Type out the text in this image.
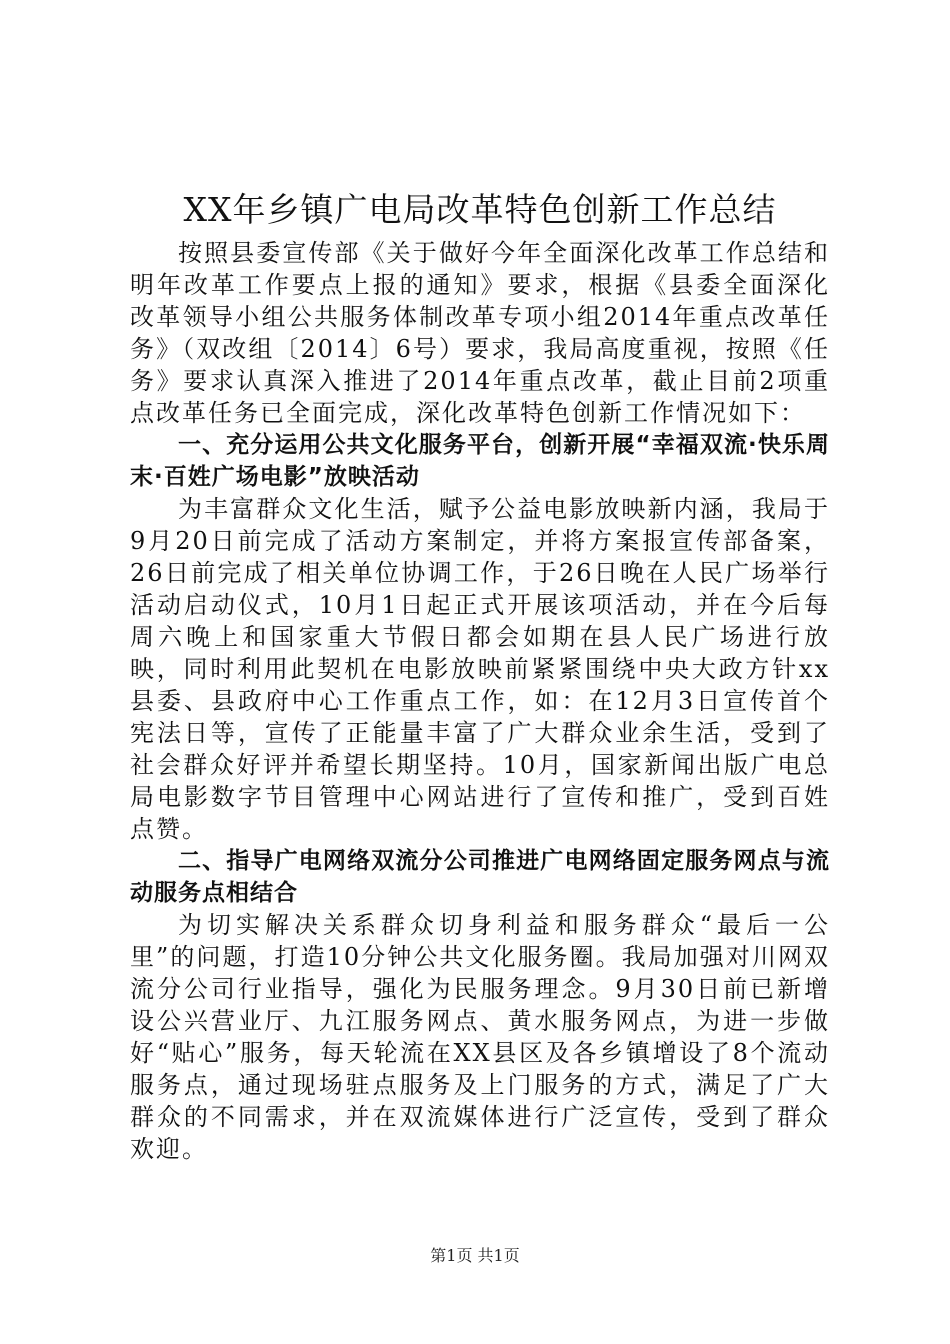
XX年乡镇广电局改革特色创新工作总结

按照县委宣传部《关于做好今年全面深化改革工作总结和明年改革工作要点上报的通知》要求，根据《县委全面深化改革领导小组公共服务体制改革专项小组2014年重点改革任务》（双改组〔2014〕6号）要求，我局高度重视，按照《任务》要求认真深入推进了2014年重点改革，截止目前2项重点改革任务已全面完成，深化改革特色创新工作情况如下：

一、充分运用公共文化服务平台，创新开展“幸福双流·快乐周末·百姓广场电影”放映活动

为丰富群众文化生活，赋予公益电影放映新内涵，我局于9月20日前完成了活动方案制定，并将方案报宣传部备案，26日前完成了相关单位协调工作，于26日晚在人民广场举行活动启动仪式，10月1日起正式开展该项活动，并在今后每周六晚上和国家重大节假日都会如期在县人民广场进行放映，同时利用此契机在电影放映前紧紧围绕中央大政方针xx县委、县政府中心工作重点工作，如：在12月3日宣传首个宪法日等，宣传了正能量丰富了广大群众业余生活，受到了社会群众好评并希望长期坚持。10月，国家新闻出版广电总局电影数字节目管理中心网站进行了宣传和推广，受到百姓点赞。

二、指导广电网络双流分公司推进广电网络固定服务网点与流动服务点相结合

为切实解决关系群众切身利益和服务群众“最后一公里”的问题，打造10分钟公共文化服务圈。我局加强对川网双流分公司行业指导，强化为民服务理念。9月30日前已新增设公兴营业厅、九江服务网点、黄水服务网点，为进一步做好“贴心”服务，每天轮流在XX县区及各乡镇增设了8个流动服务点，通过现场驻点服务及上门服务的方式，满足了广大群众的不同需求，并在双流媒体进行广泛宣传，受到了群众欢迎。

第1页 共1页
